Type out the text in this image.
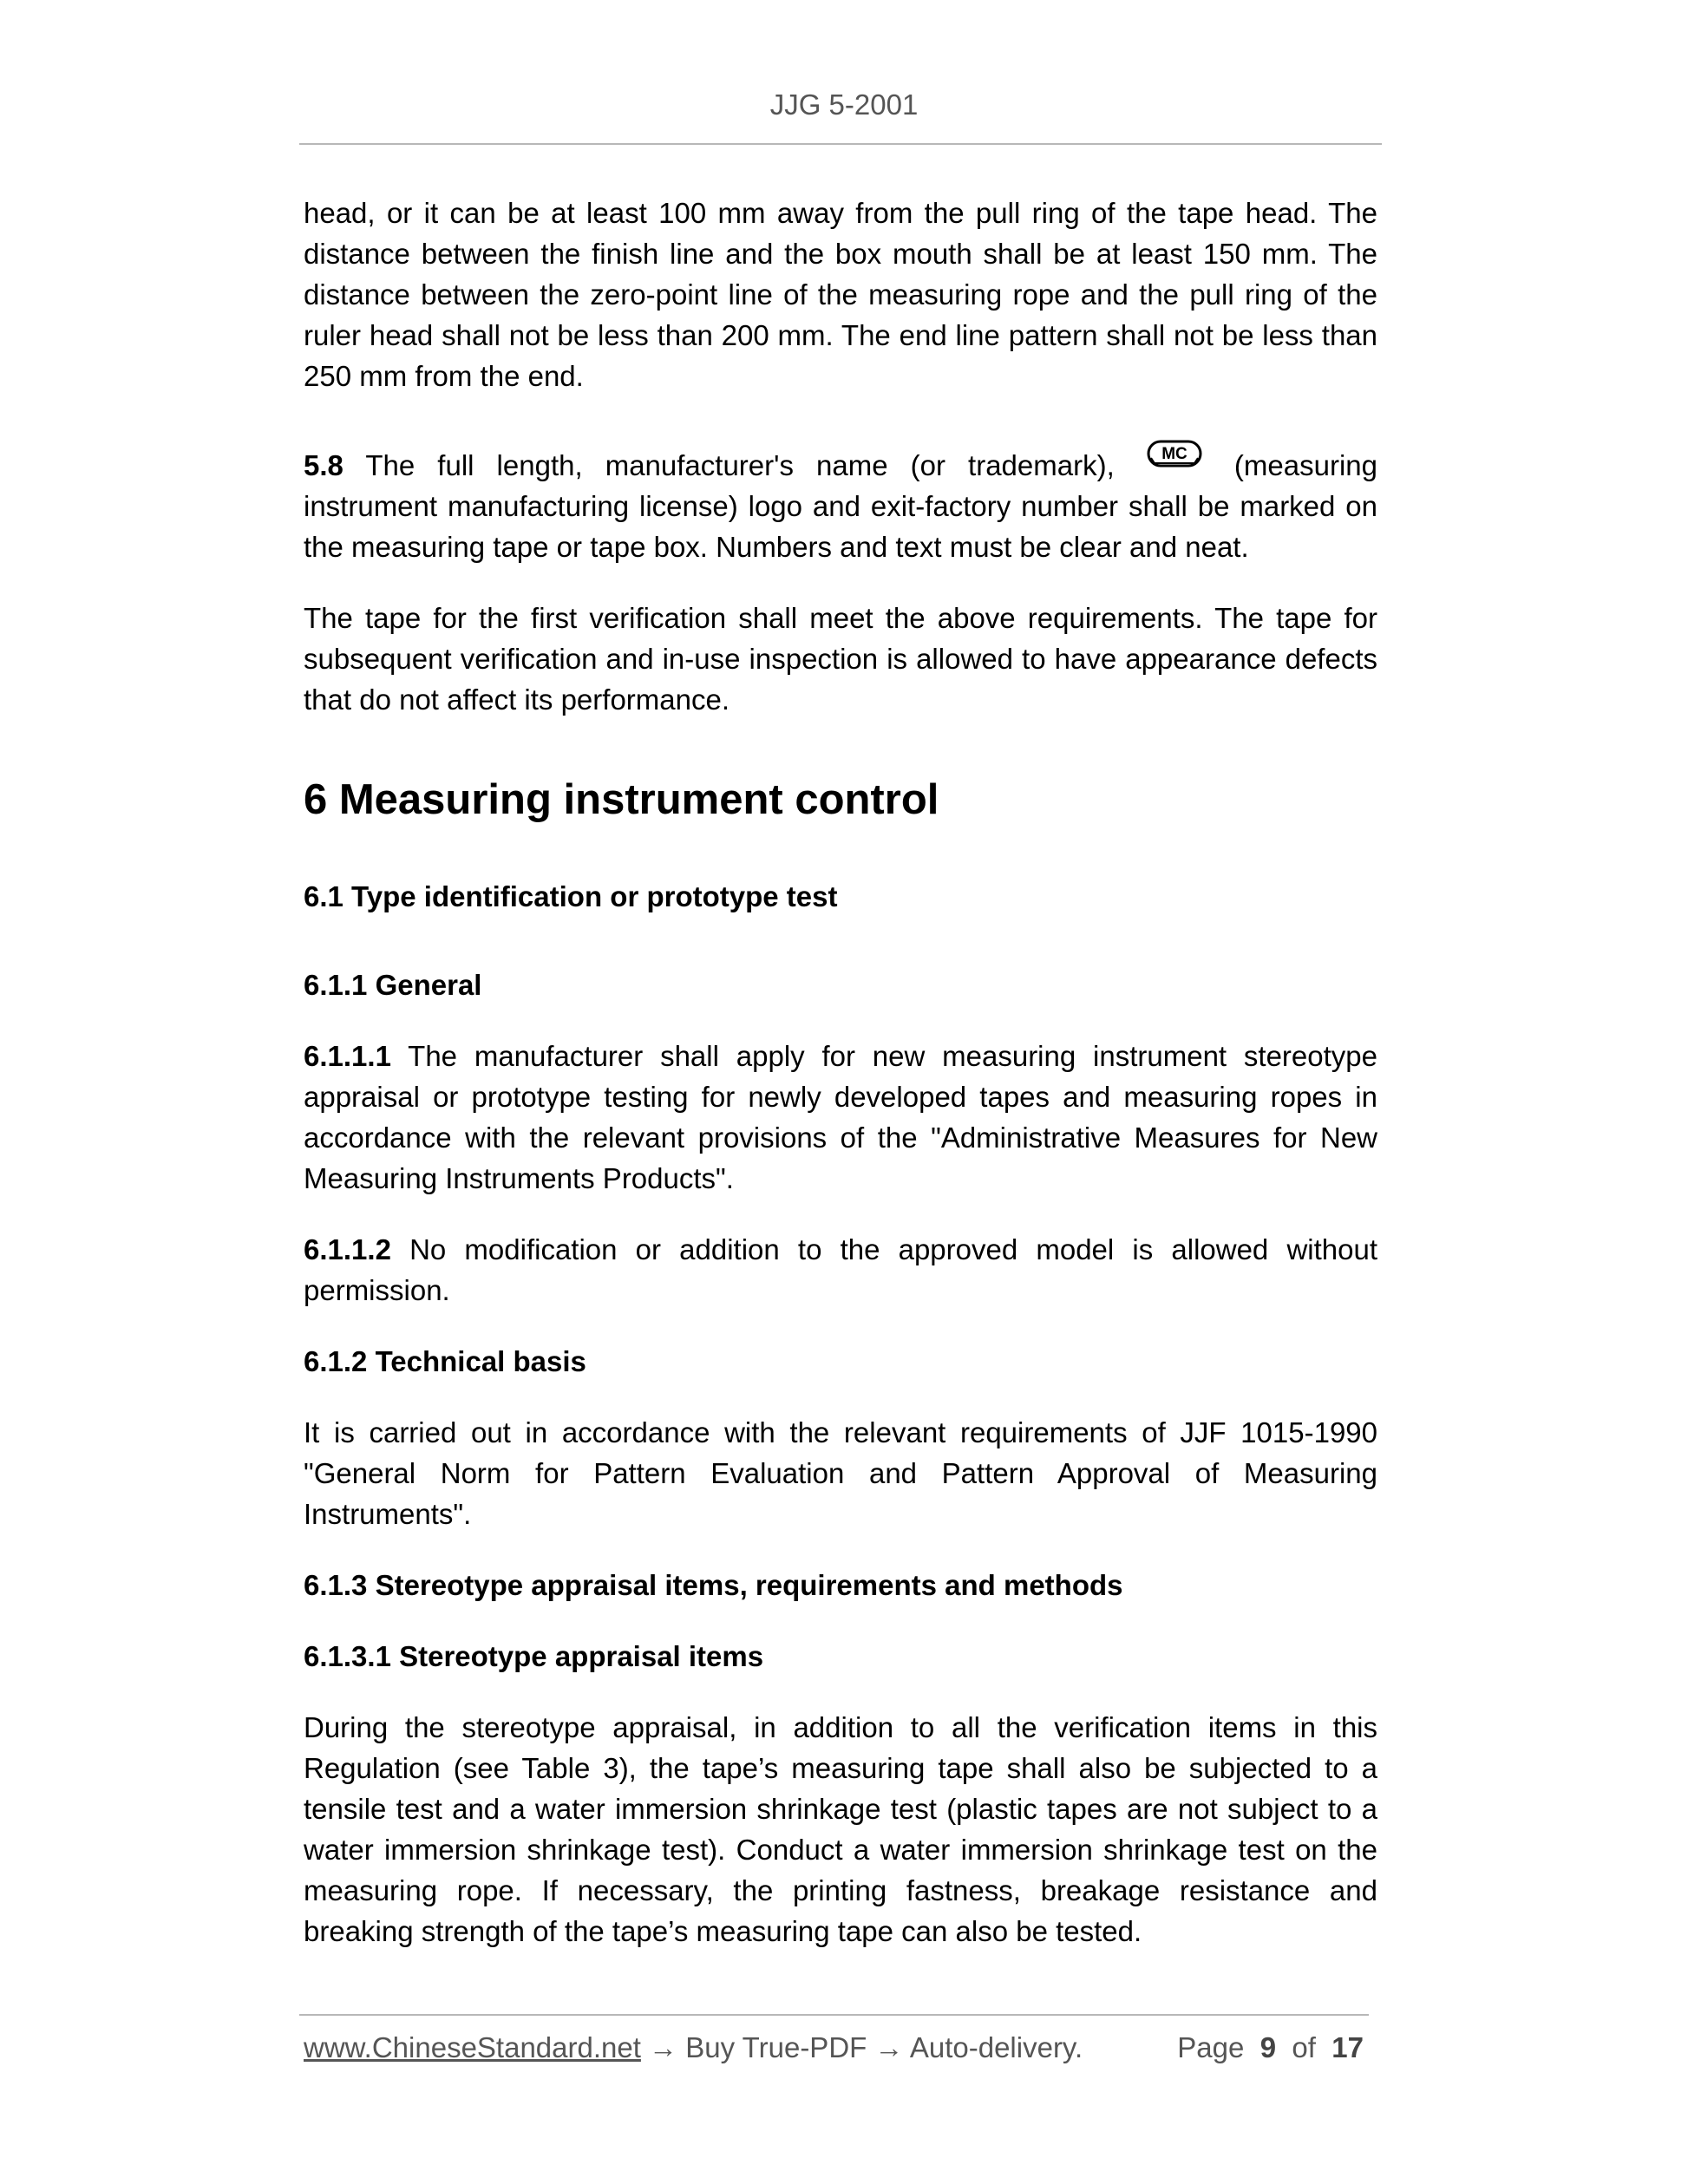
JJG 5-2001

head, or it can be at least 100 mm away from the pull ring of the tape head. The distance between the finish line and the box mouth shall be at least 150 mm. The distance between the zero-point line of the measuring rope and the pull ring of the ruler head shall not be less than 200 mm. The end line pattern shall not be less than 250 mm from the end.

5.8 The full length, manufacturer's name (or trademark),	MC (measuring instrument manufacturing license) logo and exit-factory number shall be marked on the measuring tape or tape box. Numbers and text must be clear and neat.

The tape for the first verification shall meet the above requirements. The tape for subsequent verification and in-use inspection is allowed to have appearance defects that do not affect its performance.

6 Measuring instrument control
6.1 Type identification or prototype test
6.1.1 General

6.1.1.1 The manufacturer shall apply for new measuring instrument stereotype appraisal or prototype testing for newly developed tapes and measuring ropes in accordance with the relevant provisions of the "Administrative Measures for New Measuring Instruments Products".

6.1.1.2 No modification or addition to the approved model is allowed without permission.

6.1.2 Technical basis

It is carried out in accordance with the relevant requirements of JJF 1015-1990 "General Norm for Pattern Evaluation and Pattern Approval of Measuring Instruments".

6.1.3 Stereotype appraisal items, requirements and methods
6.1.3.1 Stereotype appraisal items

During the stereotype appraisal, in addition to all the verification items in this Regulation (see Table 3), the tape’s measuring tape shall also be subjected to a tensile test and a water immersion shrinkage test (plastic tapes are not subject to a water immersion shrinkage test). Conduct a water immersion shrinkage test on the measuring rope. If necessary, the printing fastness, breakage resistance and breaking strength of the tape’s measuring tape can also be tested.

www.ChineseStandard.net → Buy True-PDF → Auto-delivery.	Page 9 of 17
